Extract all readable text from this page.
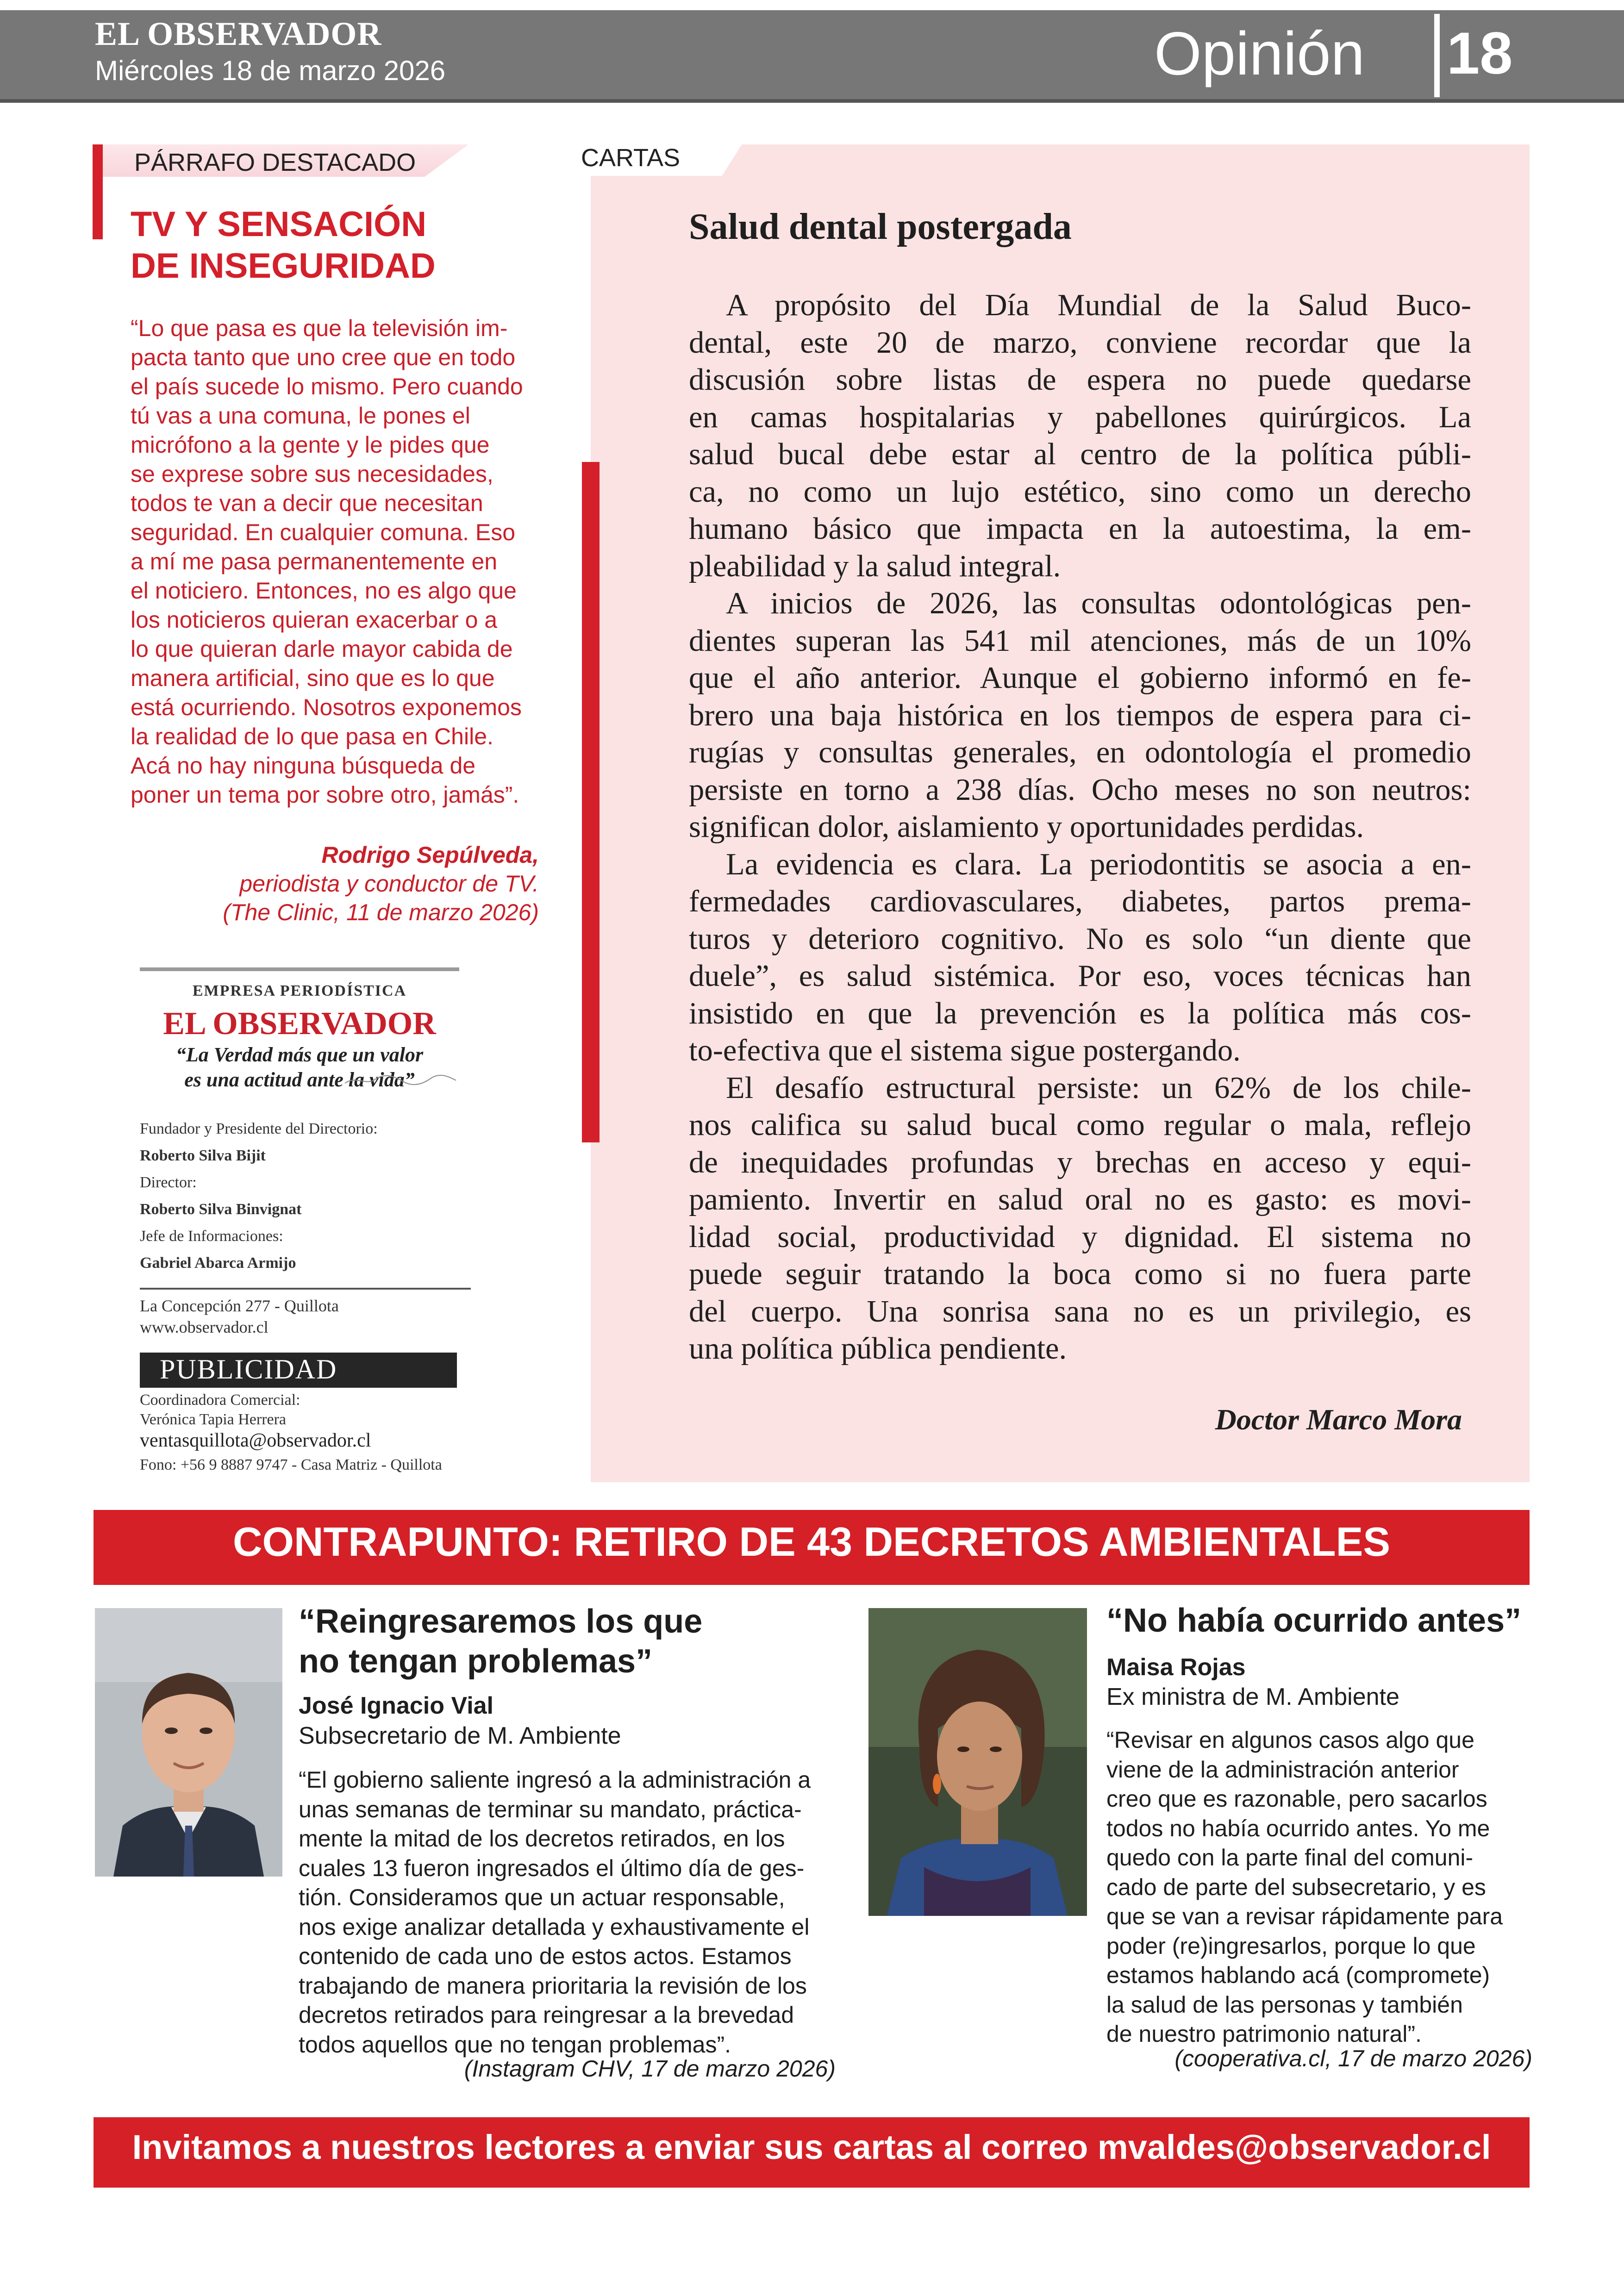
EL OBSERVADOR
Miércoles 18 de marzo 2026	Opinión 18
PÁRRAFO DESTACADO
TV Y SENSACIÓN DE INSEGURIDAD
“Lo que pasa es que la televisión im-
pacta tanto que uno cree que en todo
el país sucede lo mismo. Pero cuando
tú vas a una comuna, le pones el
micrófono a la gente y le pides que
se exprese sobre sus necesidades,
todos te van a decir que necesitan
seguridad. En cualquier comuna. Eso
a mí me pasa permanentemente en
el noticiero. Entonces, no es algo que
los noticieros quieran exacerbar o a
lo que quieran darle mayor cabida de
manera artificial, sino que es lo que
está ocurriendo. Nosotros exponemos
la realidad de lo que pasa en Chile.
Acá no hay ninguna búsqueda de
poner un tema por sobre otro, jamás”.
Rodrigo Sepúlveda,
periodista y conductor de TV.
(The Clinic, 11 de marzo 2026)
EMPRESA PERIODÍSTICA
EL OBSERVADOR
“La Verdad más que un valor
es una actitud ante la vida”
Fundador y Presidente del Directorio:
Roberto Silva Bijit
Director:
Roberto Silva Binvignat
Jefe de Informaciones:
Gabriel Abarca Armijo
La Concepción 277 - Quillota
www.observador.cl
PUBLICIDAD
Coordinadora Comercial:
Verónica Tapia Herrera
ventasquillota@observador.cl
Fono: +56 9 8887 9747 - Casa Matriz - Quillota
CARTAS
Salud dental postergada
A propósito del Día Mundial de la Salud Buco-
dental, este 20 de marzo, conviene recordar que la
discusión sobre listas de espera no puede quedarse
en camas hospitalarias y pabellones quirúrgicos. La
salud bucal debe estar al centro de la política públi-
ca, no como un lujo estético, sino como un derecho
humano básico que impacta en la autoestima, la em-
pleabilidad y la salud integral.
A inicios de 2026, las consultas odontológicas pen-
dientes superan las 541 mil atenciones, más de un 10%
que el año anterior. Aunque el gobierno informó en fe-
brero una baja histórica en los tiempos de espera para ci-
rugías y consultas generales, en odontología el promedio
persiste en torno a 238 días. Ocho meses no son neutros:
significan dolor, aislamiento y oportunidades perdidas.
La evidencia es clara. La periodontitis se asocia a en-
fermedades cardiovasculares, diabetes, partos prema-
turos y deterioro cognitivo. No es solo “un diente que
duele”, es salud sistémica. Por eso, voces técnicas han
insistido en que la prevención es la política más cos-
to-efectiva que el sistema sigue postergando.
El desafío estructural persiste: un 62% de los chile-
nos califica su salud bucal como regular o mala, reflejo
de inequidades profundas y brechas en acceso y equi-
pamiento. Invertir en salud oral no es gasto: es movi-
lidad social, productividad y dignidad. El sistema no
puede seguir tratando la boca como si no fuera parte
del cuerpo. Una sonrisa sana no es un privilegio, es
una política pública pendiente.
Doctor Marco Mora
CONTRAPUNTO: RETIRO DE 43 DECRETOS AMBIENTALES
“Reingresaremos los que
no tengan problemas”
José Ignacio Vial
Subsecretario de M. Ambiente
“El gobierno saliente ingresó a la administración a
unas semanas de terminar su mandato, práctica-
mente la mitad de los decretos retirados, en los
cuales 13 fueron ingresados el último día de ges-
tión. Consideramos que un actuar responsable,
nos exige analizar detallada y exhaustivamente el
contenido de cada uno de estos actos. Estamos
trabajando de manera prioritaria la revisión de los
decretos retirados para reingresar a la brevedad
todos aquellos que no tengan problemas”.
(Instagram CHV, 17 de marzo 2026)
“No había ocurrido antes”
Maisa Rojas
Ex ministra de M. Ambiente
“Revisar en algunos casos algo que
viene de la administración anterior
creo que es razonable, pero sacarlos
todos no había ocurrido antes. Yo me
quedo con la parte final del comuni-
cado de parte del subsecretario, y es
que se van a revisar rápidamente para
poder (re)ingresarlos, porque lo que
estamos hablando acá (compromete)
la salud de las personas y también
de nuestro patrimonio natural”.
(cooperativa.cl, 17 de marzo 2026)
Invitamos a nuestros lectores a enviar sus cartas al correo mvaldes@observador.cl
